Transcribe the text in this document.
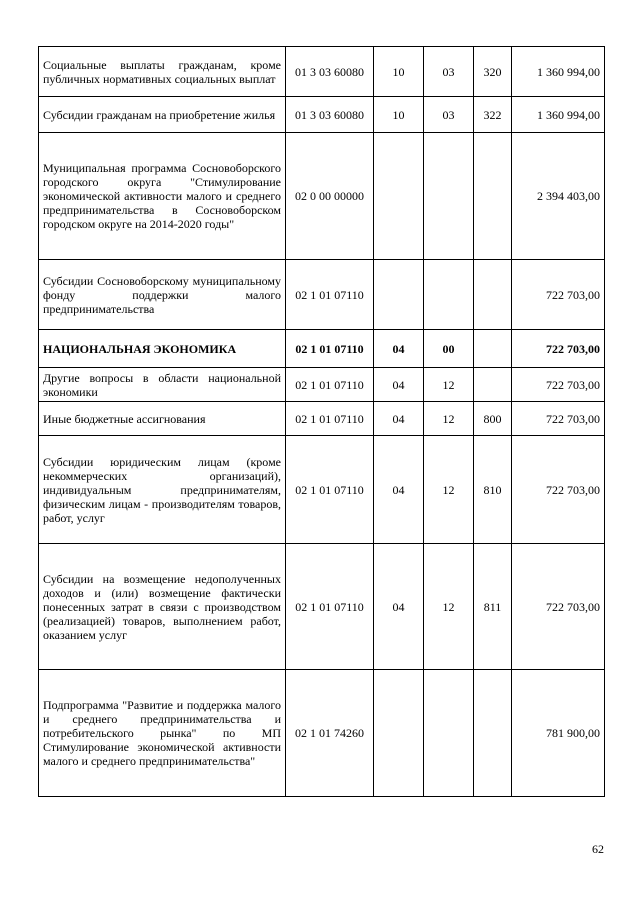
Социальные выплаты гражданам, кроме публичных нормативных социальных выплат	01 3 03 60080	10	03	320	1 360 994,00
Субсидии гражданам на приобретение жилья	01 3 03 60080	10	03	322	1 360 994,00
Муниципальная программа Сосновоборского городского округа "Стимулирование экономической активности малого и среднего предпринимательства в Сосновоборском городском округе на 2014-2020 годы"	02 0 00 00000				2 394 403,00
Субсидии Сосновоборскому муниципальному фонду поддержки малого предпринимательства	02 1 01 07110				722 703,00
НАЦИОНАЛЬНАЯ ЭКОНОМИКА	02 1 01 07110	04	00		722 703,00
Другие вопросы в области национальной экономики	02 1 01 07110	04	12		722 703,00
Иные бюджетные ассигнования	02 1 01 07110	04	12	800	722 703,00
Субсидии юридическим лицам (кроме некоммерческих организаций), индивидуальным предпринимателям, физическим лицам - производителям товаров, работ, услуг	02 1 01 07110	04	12	810	722 703,00
Субсидии на возмещение недополученных доходов и (или) возмещение фактически понесенных затрат в связи с производством (реализацией) товаров, выполнением работ, оказанием услуг	02 1 01 07110	04	12	811	722 703,00
Подпрограмма "Развитие и поддержка малого и среднего предпринимательства и потребительского рынка" по МП Стимулирование экономической активности малого и среднего предпринимательства"	02 1 01 74260				781 900,00
62
